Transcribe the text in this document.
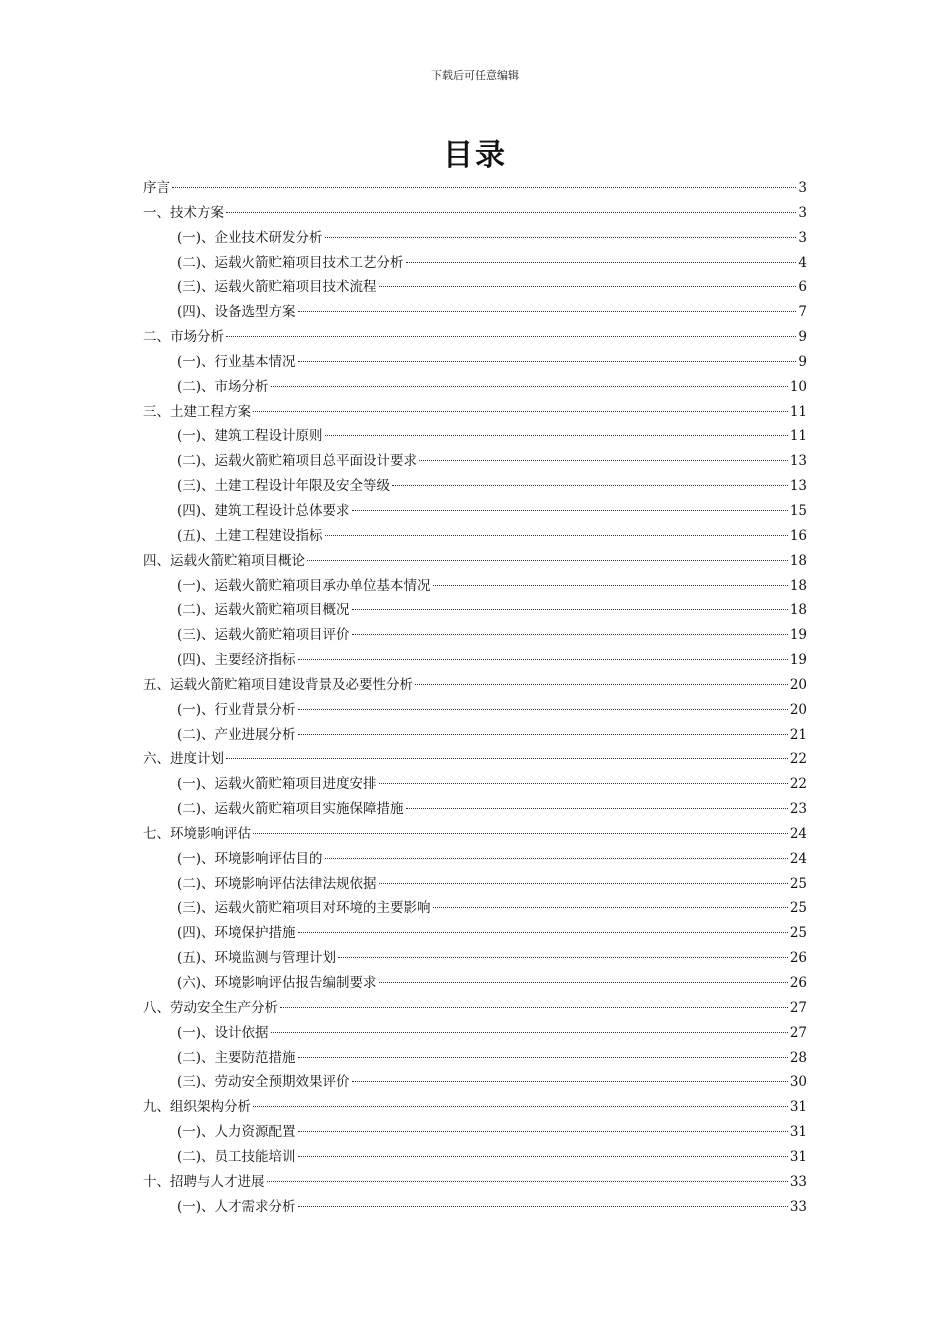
下载后可任意编辑
目录
序言	3
一、技术方案	3
(一)、企业技术研发分析	3
(二)、运载火箭贮箱项目技术工艺分析	4
(三)、运载火箭贮箱项目技术流程	6
(四)、设备选型方案	7
二、市场分析	9
(一)、行业基本情况	9
(二)、市场分析	10
三、土建工程方案	11
(一)、建筑工程设计原则	11
(二)、运载火箭贮箱项目总平面设计要求	13
(三)、土建工程设计年限及安全等级	13
(四)、建筑工程设计总体要求	15
(五)、土建工程建设指标	16
四、运载火箭贮箱项目概论	18
(一)、运载火箭贮箱项目承办单位基本情况	18
(二)、运载火箭贮箱项目概况	18
(三)、运载火箭贮箱项目评价	19
(四)、主要经济指标	19
五、运载火箭贮箱项目建设背景及必要性分析	20
(一)、行业背景分析	20
(二)、产业进展分析	21
六、进度计划	22
(一)、运载火箭贮箱项目进度安排	22
(二)、运载火箭贮箱项目实施保障措施	23
七、环境影响评估	24
(一)、环境影响评估目的	24
(二)、环境影响评估法律法规依据	25
(三)、运载火箭贮箱项目对环境的主要影响	25
(四)、环境保护措施	25
(五)、环境监测与管理计划	26
(六)、环境影响评估报告编制要求	26
八、劳动安全生产分析	27
(一)、设计依据	27
(二)、主要防范措施	28
(三)、劳动安全预期效果评价	30
九、组织架构分析	31
(一)、人力资源配置	31
(二)、员工技能培训	31
十、招聘与人才进展	33
(一)、人才需求分析	33
